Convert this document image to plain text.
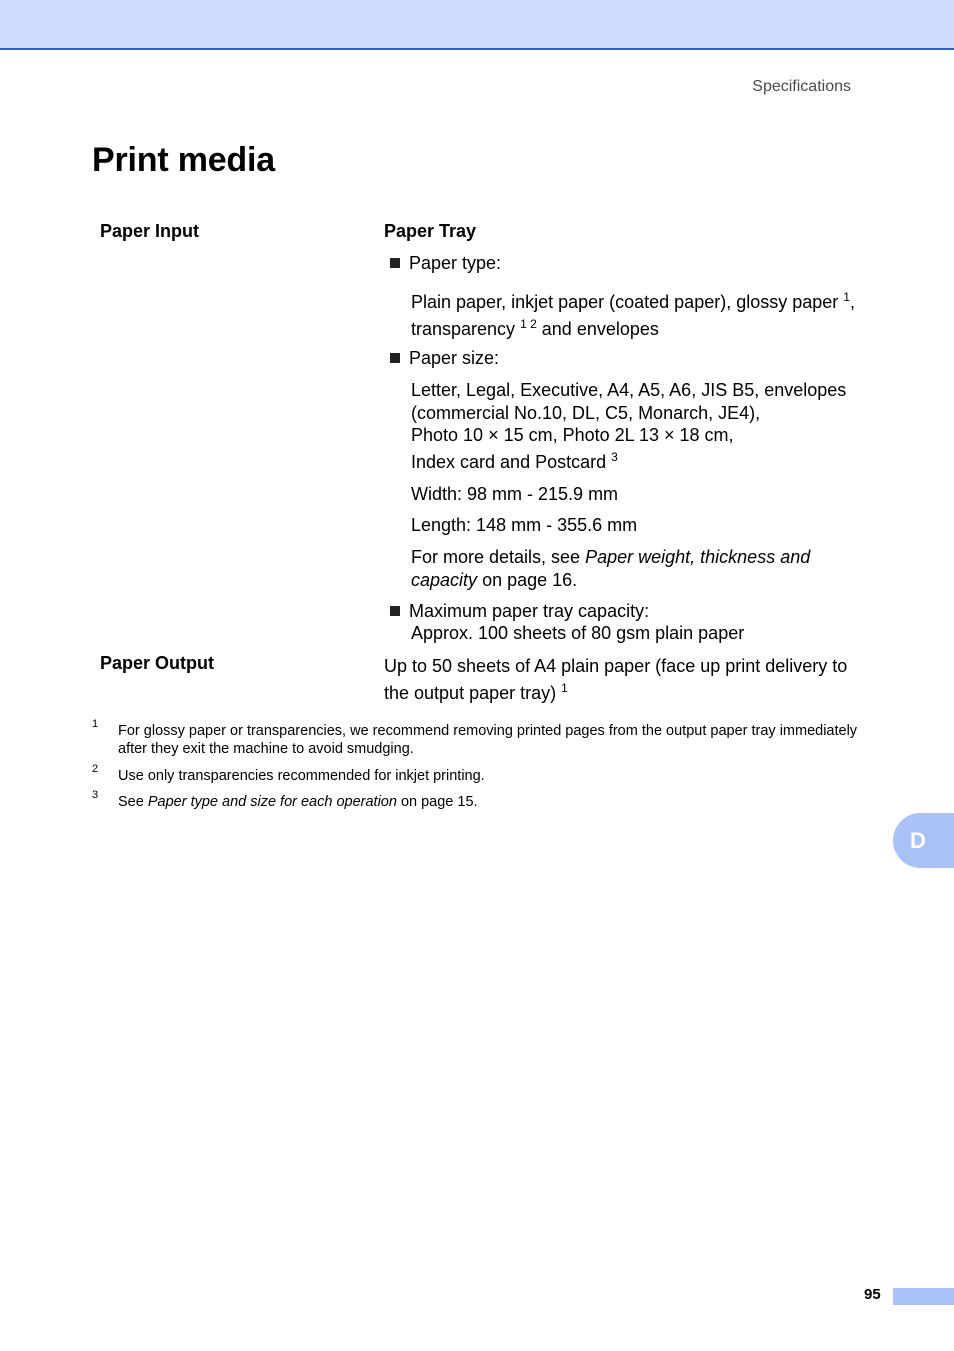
Specifications
Print media
Paper Input	Paper Tray
Paper type:
Plain paper, inkjet paper (coated paper), glossy paper $^1$,
transparency $^{1 2}$ and envelopes
Paper size:
Letter, Legal, Executive, A4, A5, A6, JIS B5, envelopes
(commercial No.10, DL, C5, Monarch, JE4),
Photo 10 × 15 cm, Photo 2L 13 × 18 cm,
Index card and Postcard $^3$
Width: 98 mm - 215.9 mm
Length: 148 mm - 355.6 mm
For more details, see Paper weight, thickness and
capacity on page 16.
Maximum paper tray capacity:
Approx. 100 sheets of 80 gsm plain paper
Paper Output	Up to 50 sheets of A4 plain paper (face up print delivery to
the output paper tray) $^1$
1 For glossy paper or transparencies, we recommend removing printed pages from the output paper tray immediately after they exit the machine to avoid smudging.
2 Use only transparencies recommended for inkjet printing.
3 See Paper type and size for each operation on page 15.
D
95
